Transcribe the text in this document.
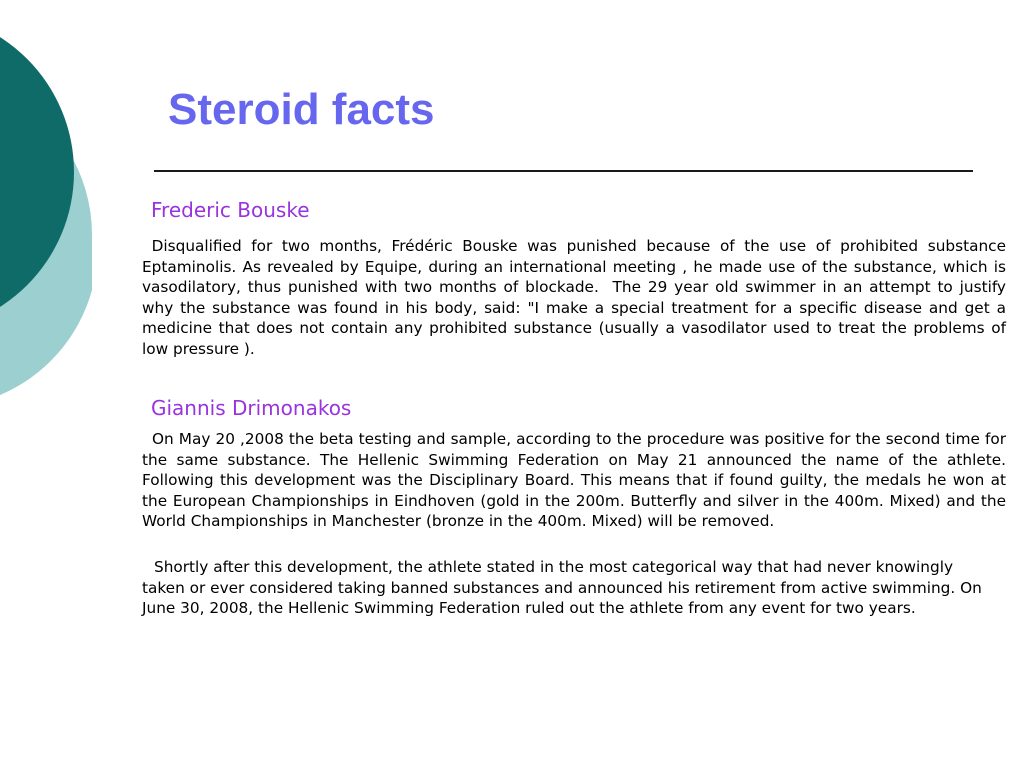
Steroid facts
Frederic Bouske

Disqualified for two months, Frédéric Bouske was punished because of the use of prohibited substance Eptaminolis. As revealed by Equipe, during an international meeting , he made use of the substance, which is vasodilatory, thus punished with two months of blockade.  The 29 year old swimmer in an attempt to justify why the substance was found in his body, said: "I make a special treatment for a specific disease and get a medicine that does not contain any prohibited substance (usually a vasodilator used to treat the problems of low pressure ).

Giannis Drimonakos

On May 20 ,2008 the beta testing and sample, according to the procedure was positive for the second time for the same substance. The Hellenic Swimming Federation on May 21 announced the name of the athlete. Following this development was the Disciplinary Board. This means that if found guilty, the medals he won at the European Championships in Eindhoven (gold in the 200m. Butterfly and silver in the 400m. Mixed) and the World Championships in Manchester (bronze in the 400m. Mixed) will be removed.

Shortly after this development, the athlete stated in the most categorical way that had never knowingly taken or ever considered taking banned substances and announced his retirement from active swimming. On June 30, 2008, the Hellenic Swimming Federation ruled out the athlete from any event for two years.
